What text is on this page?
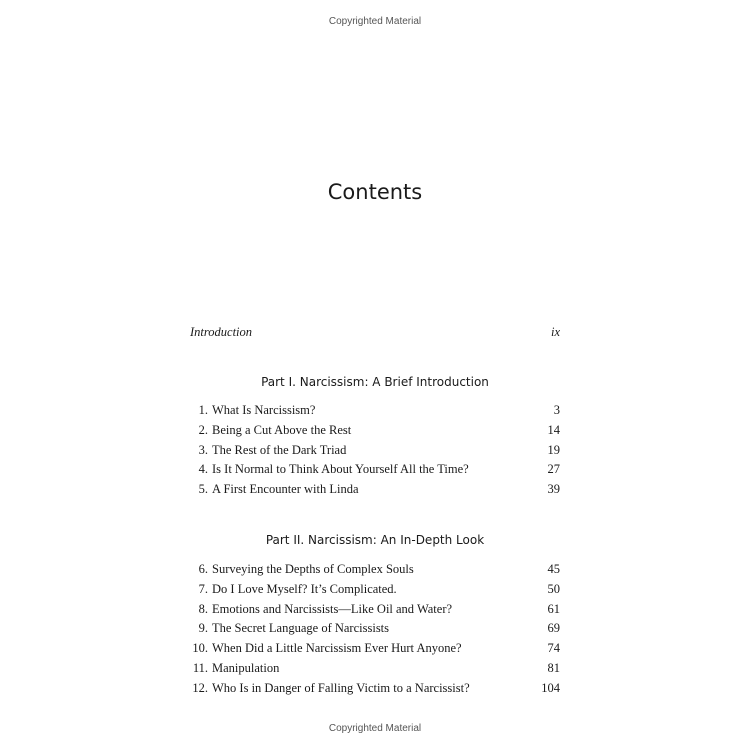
Copyrighted Material
Contents
Introduction	ix
Part I. Narcissism: A Brief Introduction
1. What Is Narcissism?	3
2. Being a Cut Above the Rest	14
3. The Rest of the Dark Triad	19
4. Is It Normal to Think About Yourself All the Time?	27
5. A First Encounter with Linda	39
Part II. Narcissism: An In-Depth Look
6. Surveying the Depths of Complex Souls	45
7. Do I Love Myself? It’s Complicated.	50
8. Emotions and Narcissists—Like Oil and Water?	61
9. The Secret Language of Narcissists	69
10. When Did a Little Narcissism Ever Hurt Anyone?	74
11. Manipulation	81
12. Who Is in Danger of Falling Victim to a Narcissist?	104
Copyrighted Material
